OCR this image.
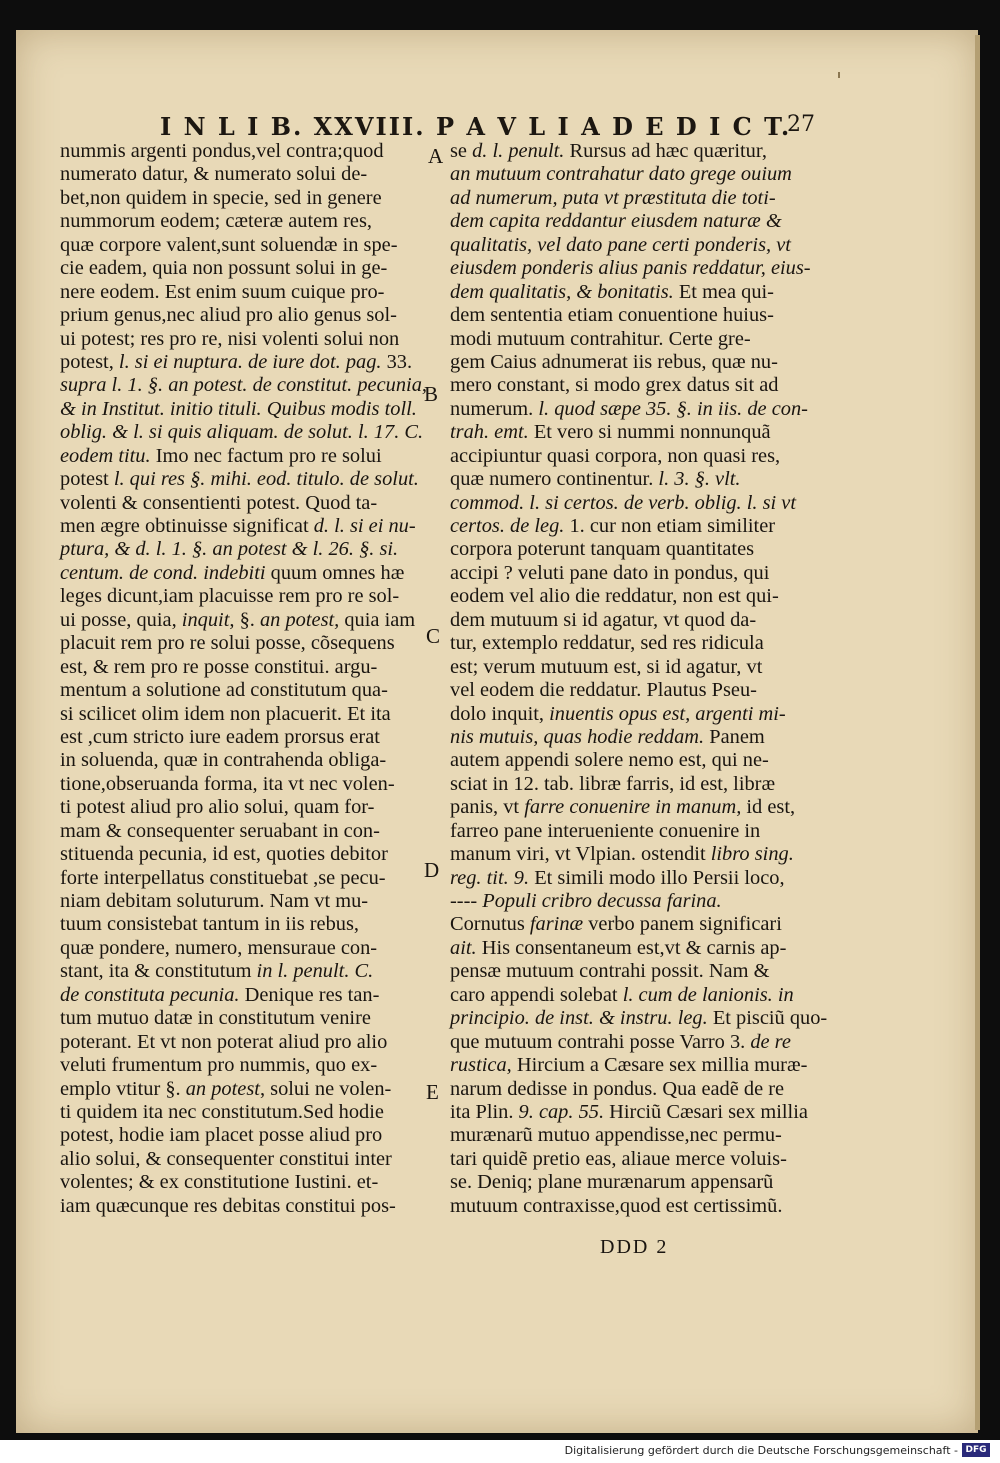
I N L I B. XXVIII. P A V L I A D E D I C T.
27
nummis argenti pondus,vel contra;quod
numerato datur, & numerato solui de-
bet,non quidem in specie, sed in genere
nummorum eodem; cæteræ autem res,
quæ corpore valent,sunt soluendæ in spe-
cie eadem, quia non possunt solui in ge-
nere eodem. Est enim suum cuique pro-
prium genus,nec aliud pro alio genus sol-
ui potest; res pro re, nisi volenti solui non
potest, l. si ei nuptura. de iure dot. pag. 33.
supra l. 1. §. an potest. de constitut. pecunia,
& in Institut. initio tituli. Quibus modis toll.
oblig. & l. si quis aliquam. de solut. l. 17. C.
eodem titu. Imo nec factum pro re solui
potest l. qui res §. mihi. eod. titulo. de solut.
volenti & consentienti potest. Quod ta-
men ægre obtinuisse significat d. l. si ei nu-
ptura, & d. l. 1. §. an potest & l. 26. §. si.
centum. de cond. indebiti quum omnes hæ
leges dicunt,iam placuisse rem pro re sol-
ui posse, quia, inquit, §. an potest, quia iam
placuit rem pro re solui posse, cõsequens
est, & rem pro re posse constitui. argu-
mentum a solutione ad constitutum qua-
si scilicet olim idem non placuerit. Et ita
est ,cum stricto iure eadem prorsus erat
in soluenda, quæ in contrahenda obliga-
tione,obseruanda forma, ita vt nec volen-
ti potest aliud pro alio solui, quam for-
mam & consequenter seruabant in con-
stituenda pecunia, id est, quoties debitor
forte interpellatus constituebat ,se pecu-
niam debitam soluturum. Nam vt mu-
tuum consistebat tantum in iis rebus,
quæ pondere, numero, mensuraue con-
stant, ita & constitutum in l. penult. C.
de constituta pecunia. Denique res tan-
tum mutuo datæ in constitutum venire
poterant. Et vt non poterat aliud pro alio
veluti frumentum pro nummis, quo ex-
emplo vtitur §. an potest, solui ne volen-
ti quidem ita nec constitutum.Sed hodie
potest, hodie iam placet posse aliud pro
alio solui, & consequenter constitui inter
volentes; & ex constitutione Iustini. et-
iam quæcunque res debitas constitui pos-
se d. l. penult. Rursus ad hæc quæritur,
an mutuum contrahatur dato grege ouium
ad numerum, puta vt præstituta die toti-
dem capita reddantur eiusdem naturæ &
qualitatis, vel dato pane certi ponderis, vt
eiusdem ponderis alius panis reddatur, eius-
dem qualitatis, & bonitatis. Et mea qui-
dem sententia etiam conuentione huius-
modi mutuum contrahitur. Certe gre-
gem Caius adnumerat iis rebus, quæ nu-
mero constant, si modo grex datus sit ad
numerum. l. quod sæpe 35. §. in iis. de con-
trah. emt. Et vero si nummi nonnunquã
accipiuntur quasi corpora, non quasi res,
quæ numero continentur. l. 3. §. vlt.
commod. l. si certos. de verb. oblig. l. si vt
certos. de leg. 1. cur non etiam similiter
corpora poterunt tanquam quantitates
accipi ? veluti pane dato in pondus, qui
eodem vel alio die reddatur, non est qui-
dem mutuum si id agatur, vt quod da-
tur, extemplo reddatur, sed res ridicula
est; verum mutuum est, si id agatur, vt
vel eodem die reddatur. Plautus Pseu-
dolo inquit, inuentis opus est, argenti mi-
nis mutuis, quas hodie reddam. Panem
autem appendi solere nemo est, qui ne-
sciat in 12. tab. libræ farris, id est, libræ
panis, vt farre conuenire in manum, id est,
farreo pane interueniente conuenire in
manum viri, vt Vlpian. ostendit libro sing.
reg. tit. 9. Et simili modo illo Persii loco,
---- Populi cribro decussa farina.
Cornutus farinæ verbo panem significari
ait. His consentaneum est,vt & carnis ap-
pensæ mutuum contrahi possit. Nam &
caro appendi solebat l. cum de lanionis. in
principio. de inst. & instru. leg. Et pisciũ quo-
que mutuum contrahi posse Varro 3. de re
rustica, Hircium a Cæsare sex millia muræ-
narum dedisse in pondus. Qua eadẽ de re
ita Plin. 9. cap. 55. Hirciũ Cæsari sex millia
murænarũ mutuo appendisse,nec permu-
tari quidẽ pretio eas, aliaue merce voluis-
se. Deniq; plane murænarum appensarũ
mutuum contraxisse,quod est certissimũ.
A
B
C
D
E
DDD 2
Digitalisierung gefördert durch die Deutsche Forschungsgemeinschaft - DFG
